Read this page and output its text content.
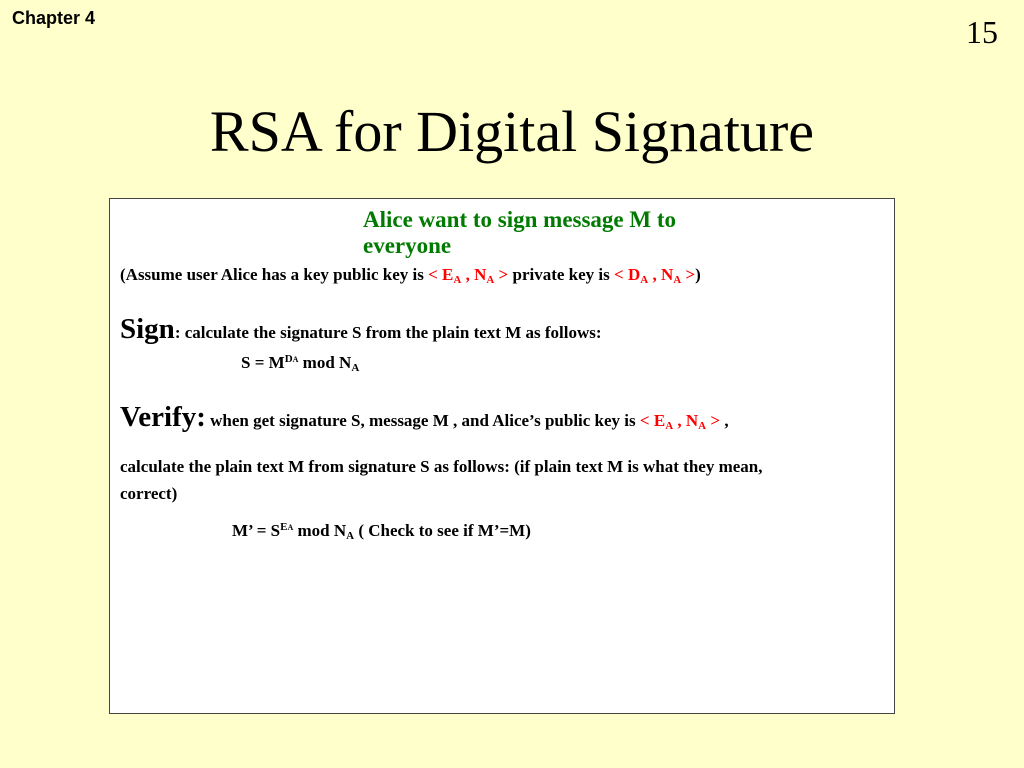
Chapter 4	15
RSA for Digital Signature
Alice want to sign message M to everyone
(Assume user Alice has a key public key is < $E_A$ , $N_A$ > private key is < $D_A$ , $N_A$ >)
Sign: calculate the signature S from the plain text M as follows:
$S = M^{DA}$ mod $N_A$
Verify: when get signature S, message M , and Alice’s public key is < $E_A$ , $N_A$ > ,
calculate the plain text M from signature S as follows: (if plain text M is what they mean,
correct)
M’ = $S^{EA}$ mod $N_A$ ( Check to see if M’=M)
